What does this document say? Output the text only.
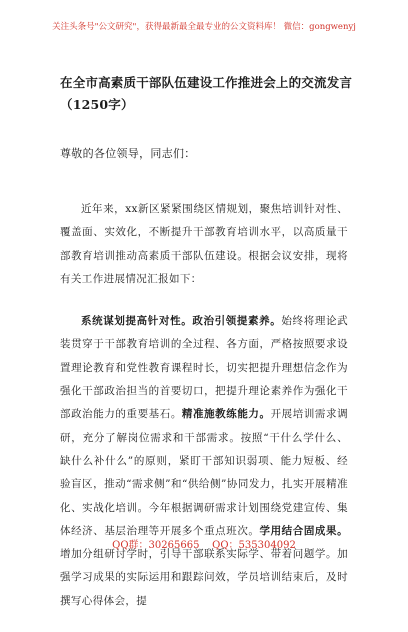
关注头条号"公文研究"，获得最新最全最专业的公文资料库！ 微信：gongwenyj
在全市高素质干部队伍建设工作推进会上的交流发言
（1250字）
尊敬的各位领导，同志们：

近年来，xx新区紧紧围绕区情规划，聚焦培训针对性、覆盖面、实效化，不断提升干部教育培训水平，以高质量干部教育培训推动高素质干部队伍建设。根据会议安排，现将有关工作进展情况汇报如下：

系统谋划提高针对性。政治引领提素养。始终将理论武装贯穿于干部教育培训的全过程、各方面，严格按照要求设置理论教育和党性教育课程时长，切实把提升理想信念作为强化干部政治担当的首要切口，把提升理论素养作为强化干部政治能力的重要基石。精准施教练能力。开展培训需求调研，充分了解岗位需求和干部需求。按照“干什么学什么、缺什么补什么”的原则，紧盯干部知识弱项、能力短板、经验盲区，推动“需求侧”和“供给侧”协同发力，扎实开展精准化、实战化培训。今年根据调研需求计划围绕党建宣传、集体经济、基层治理等开展多个重点班次。学用结合固成果。增加分组研讨学时，引导干部联系实际学、带着问题学。加强学习成果的实际运用和跟踪问效，学员培训结束后，及时撰写心得体会，提

QQ群：30265665    QQ：535304092
